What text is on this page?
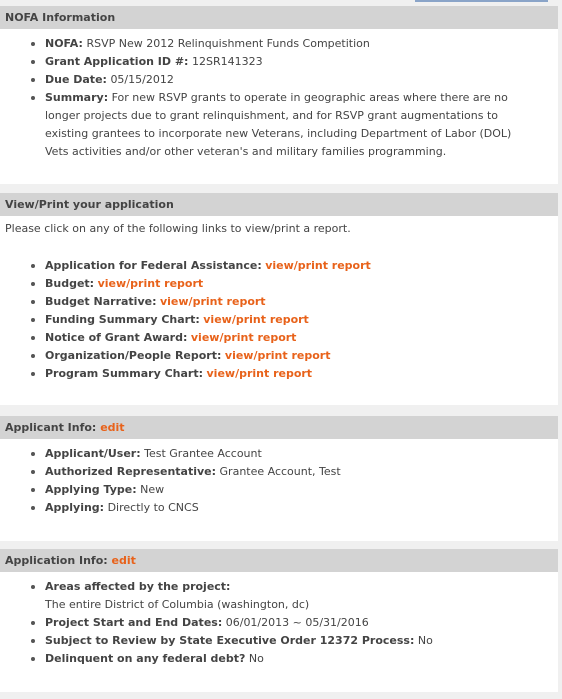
NOFA Information
NOFA: RSVP New 2012 Relinquishment Funds Competition
Grant Application ID #: 12SR141323
Due Date: 05/15/2012
Summary: For new RSVP grants to operate in geographic areas where there are no
longer projects due to grant relinquishment, and for RSVP grant augmentations to
existing grantees to incorporate new Veterans, including Department of Labor (DOL)
Vets activities and/or other veteran's and military families programming.
View/Print your application
Please click on any of the following links to view/print a report.
Application for Federal Assistance: view/print report
Budget: view/print report
Budget Narrative: view/print report
Funding Summary Chart: view/print report
Notice of Grant Award: view/print report
Organization/People Report: view/print report
Program Summary Chart: view/print report
Applicant Info: edit
Applicant/User: Test Grantee Account
Authorized Representative: Grantee Account, Test
Applying Type: New
Applying: Directly to CNCS
Application Info: edit
Areas affected by the project:
The entire District of Columbia (washington, dc)
Project Start and End Dates: 06/01/2013 ~ 05/31/2016
Subject to Review by State Executive Order 12372 Process: No
Delinquent on any federal debt? No
